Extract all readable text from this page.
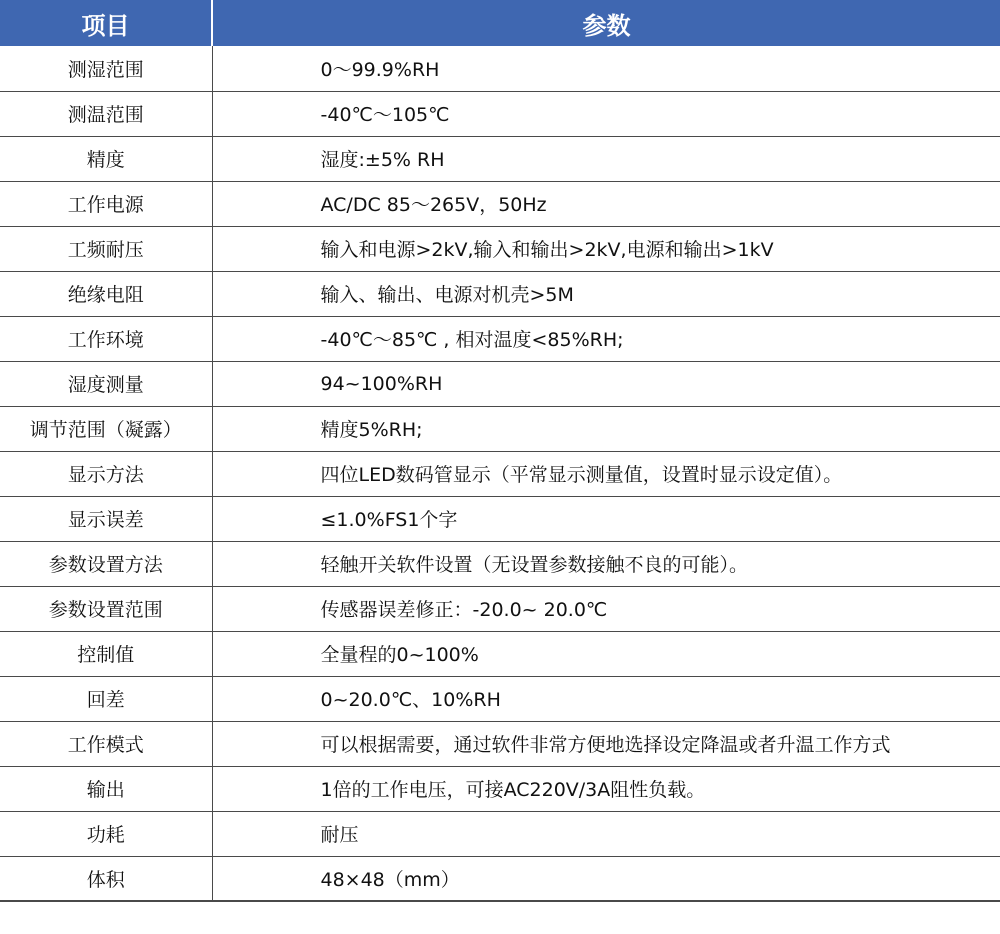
项目	参数
测湿范围	0～99.9%RH
测温范围	-40℃～105℃
精度	湿度:±5% RH
工作电源	AC/DC 85～265V，50Hz
工频耐压	输入和电源>2kV,输入和输出>2kV,电源和输出>1kV
绝缘电阻	输入、输出、电源对机壳>5M
工作环境	-40℃～85℃ , 相对温度<85%RH;
湿度测量	94~100%RH
调节范围（凝露）	精度5%RH;
显示方法	四位LED数码管显示（平常显示测量值，设置时显示设定值）。
显示误差	≤1.0%FS1个字
参数设置方法	轻触开关软件设置（无设置参数接触不良的可能）。
参数设置范围	传感器误差修正：-20.0~ 20.0℃
控制值	全量程的0~100%
回差	0~20.0℃、10%RH
工作模式	可以根据需要，通过软件非常方便地选择设定降温或者升温工作方式
输出	1倍的工作电压，可接AC220V/3A阻性负载。
功耗	耐压
体积	48×48（mm）
